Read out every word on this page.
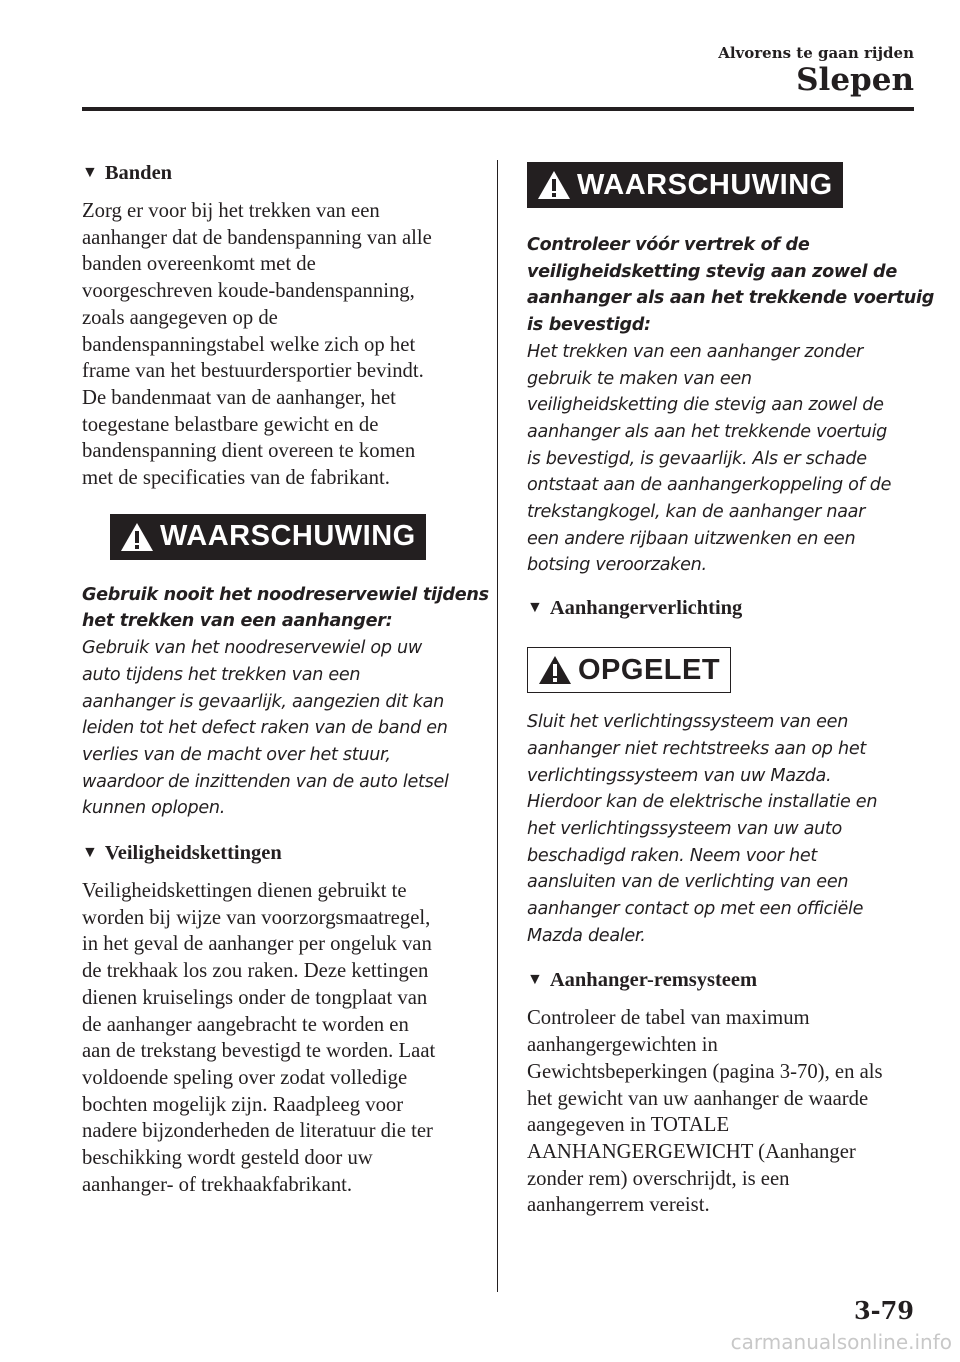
Alvorens te gaan rijden
Slepen
▼ Banden
Zorg er voor bij het trekken van een
aanhanger dat de bandenspanning van alle
banden overeenkomt met de
voorgeschreven koude-bandenspanning,
zoals aangegeven op de
bandenspanningstabel welke zich op het
frame van het bestuurdersportier bevindt.
De bandenmaat van de aanhanger, het
toegestane belastbare gewicht en de
bandenspanning dient overeen te komen
met de specificaties van de fabrikant.
WAARSCHUWING
Gebruik nooit het noodreservewiel tijdens
het trekken van een aanhanger:
Gebruik van het noodreservewiel op uw
auto tijdens het trekken van een
aanhanger is gevaarlijk, aangezien dit kan
leiden tot het defect raken van de band en
verlies van de macht over het stuur,
waardoor de inzittenden van de auto letsel
kunnen oplopen.
▼ Veiligheidskettingen
Veiligheidskettingen dienen gebruikt te
worden bij wijze van voorzorgsmaatregel,
in het geval de aanhanger per ongeluk van
de trekhaak los zou raken. Deze kettingen
dienen kruiselings onder de tongplaat van
de aanhanger aangebracht te worden en
aan de trekstang bevestigd te worden. Laat
voldoende speling over zodat volledige
bochten mogelijk zijn. Raadpleeg voor
nadere bijzonderheden de literatuur die ter
beschikking wordt gesteld door uw
aanhanger- of trekhaakfabrikant.
WAARSCHUWING
Controleer vóór vertrek of de
veiligheidsketting stevig aan zowel de
aanhanger als aan het trekkende voertuig
is bevestigd:
Het trekken van een aanhanger zonder
gebruik te maken van een
veiligheidsketting die stevig aan zowel de
aanhanger als aan het trekkende voertuig
is bevestigd, is gevaarlijk. Als er schade
ontstaat aan de aanhangerkoppeling of de
trekstangkogel, kan de aanhanger naar
een andere rijbaan uitzwenken en een
botsing veroorzaken.
▼ Aanhangerverlichting
OPGELET
Sluit het verlichtingssysteem van een
aanhanger niet rechtstreeks aan op het
verlichtingssysteem van uw Mazda.
Hierdoor kan de elektrische installatie en
het verlichtingssysteem van uw auto
beschadigd raken. Neem voor het
aansluiten van de verlichting van een
aanhanger contact op met een officiële
Mazda dealer.
▼ Aanhanger-remsysteem
Controleer de tabel van maximum
aanhangergewichten in
Gewichtsbeperkingen (pagina 3-70), en als
het gewicht van uw aanhanger de waarde
aangegeven in TOTALE
AANHANGERGEWICHT (Aanhanger
zonder rem) overschrijdt, is een
aanhangerrem vereist.
3-79
carmanualsonline.info
